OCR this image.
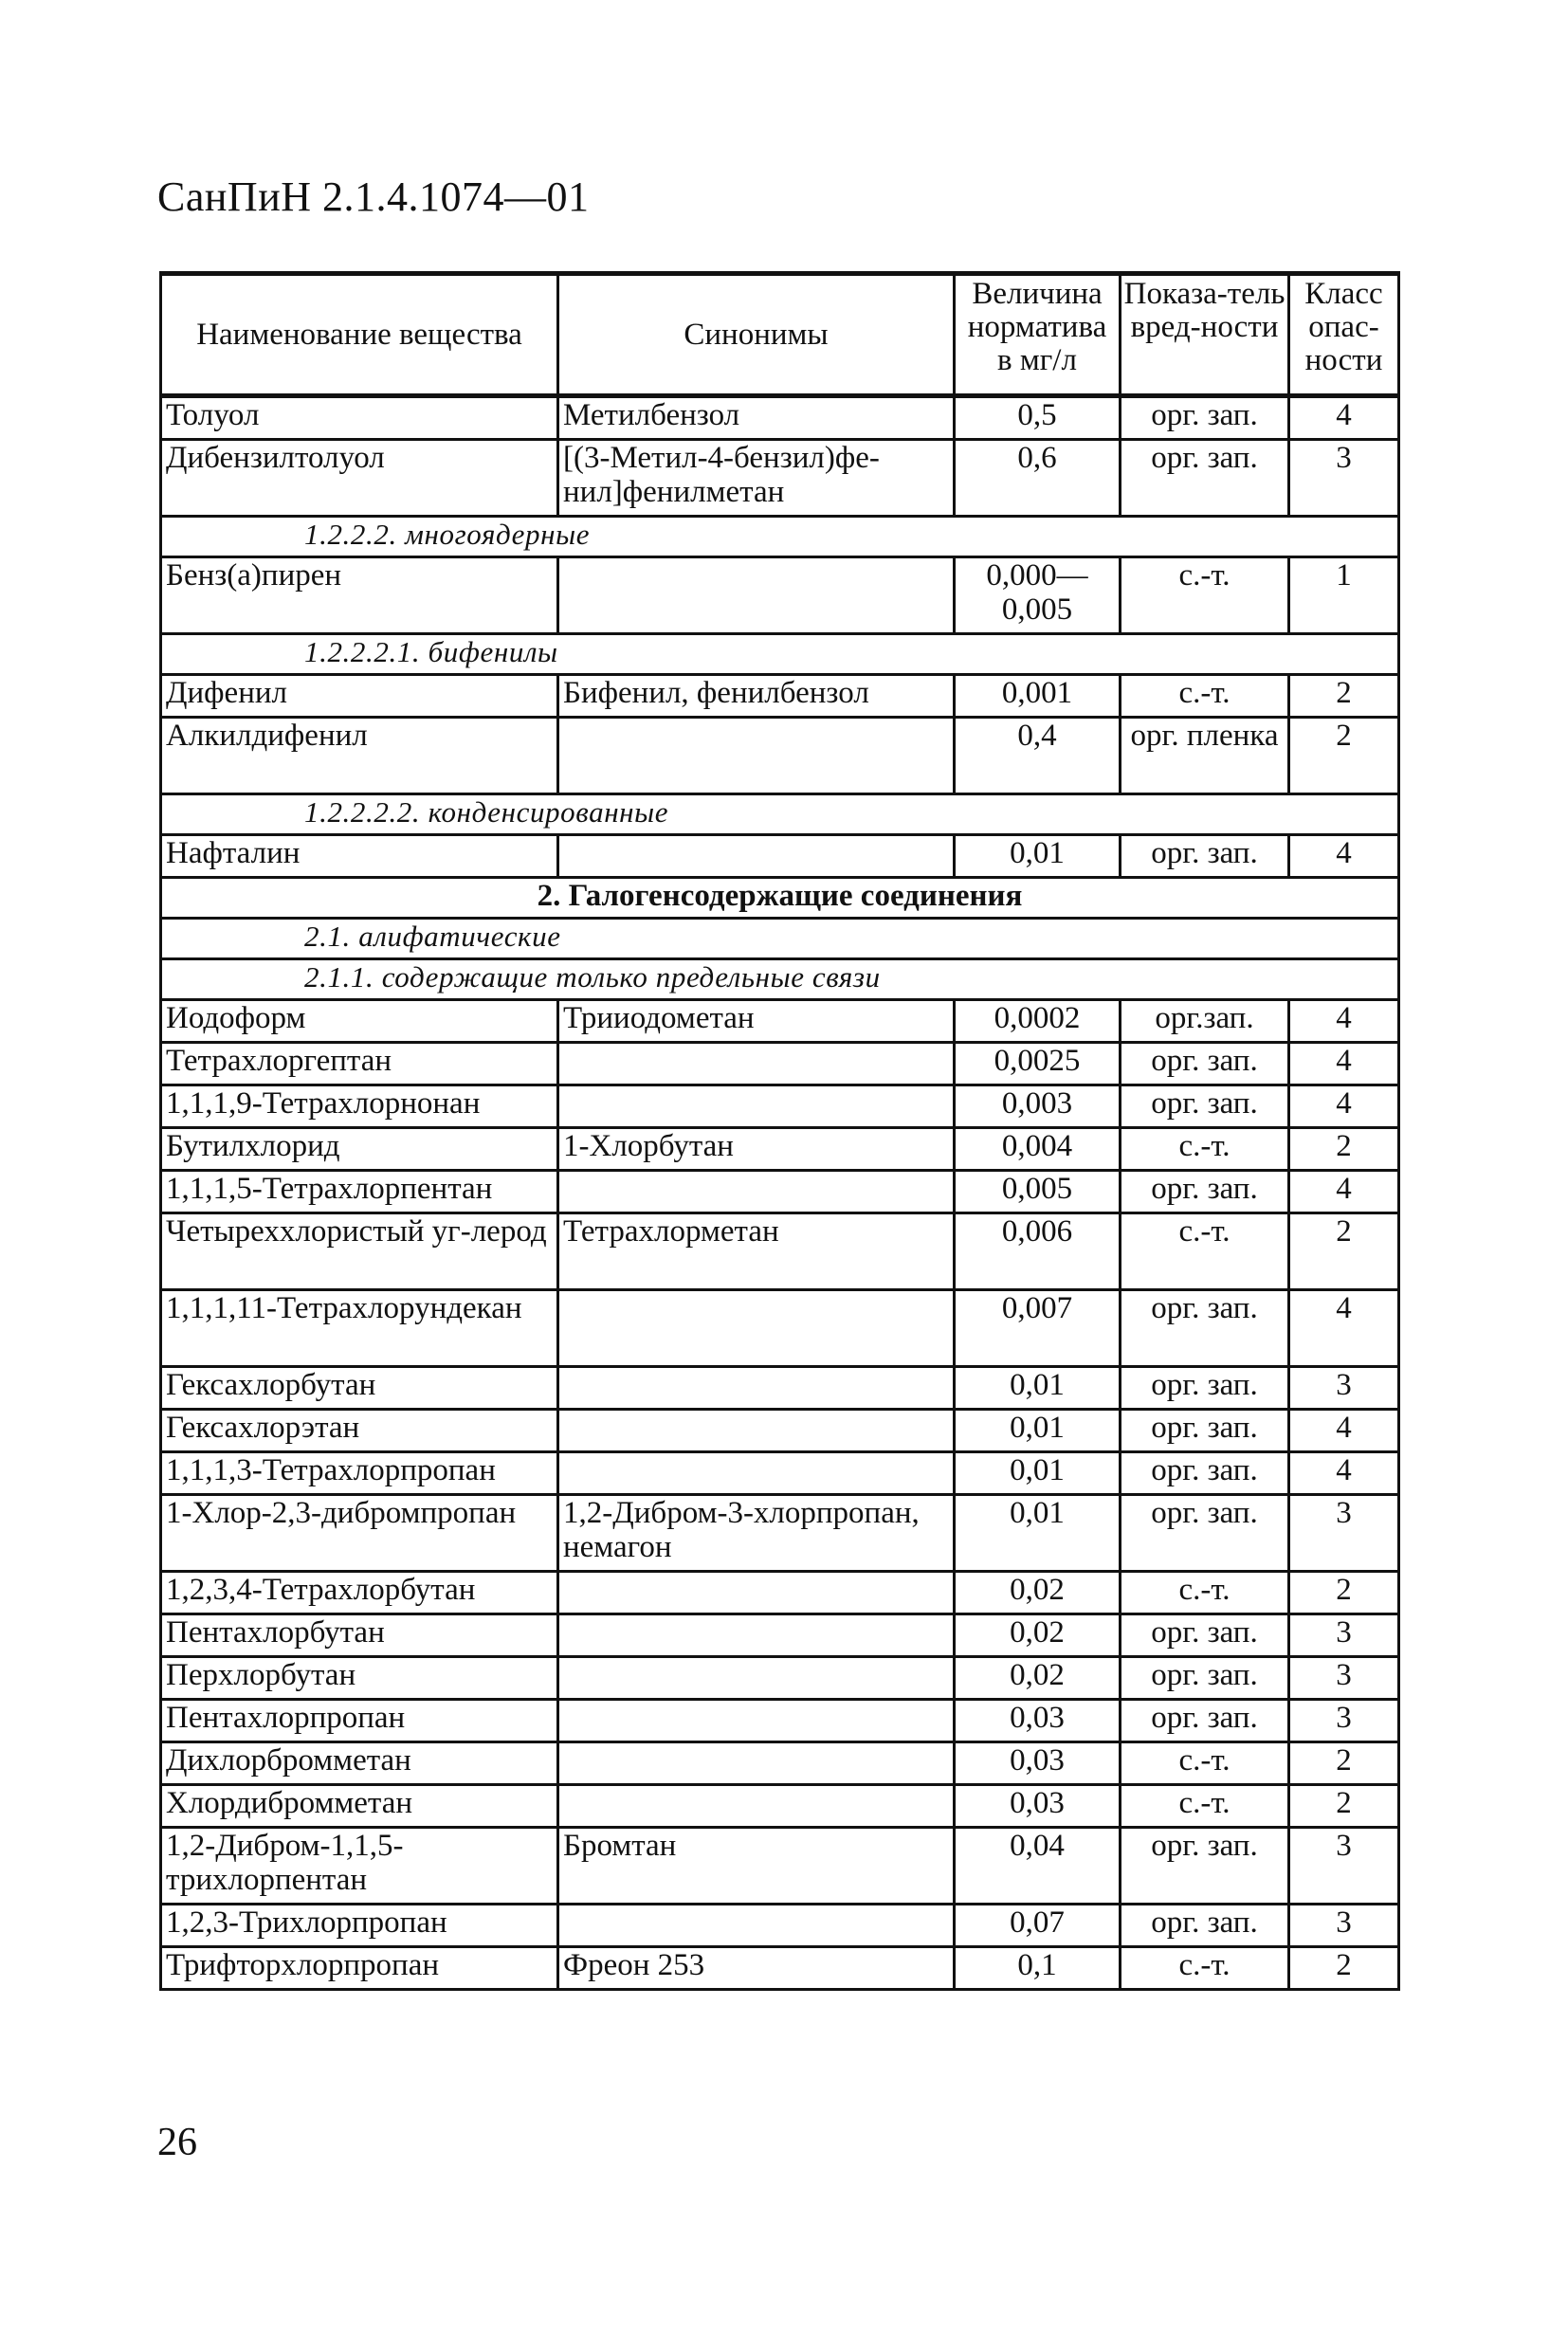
СанПиН 2.1.4.1074—01
Наименование вещества	Синонимы	Величина норматива в мг/л	Показа-тель вред-ности	Класс опас-ности
Толуол	Метилбензол	0,5	орг. зап.	4
Дибензилтолуол	[(3-Метил-4-бензил)фе-нил]фенилметан	0,6	орг. зап.	3
1.2.2.2. многоядерные				
Бенз(а)пирен		0,000—0,005	с.-т.	1
1.2.2.2.1. бифенилы				
Дифенил	Бифенил, фенилбензол	0,001	с.-т.	2
Алкилдифенил		0,4	орг. пленка	2
1.2.2.2.2. конденсированные				
Нафталин		0,01	орг. зап.	4
2. Галогенсодержащие соединения				
2.1. алифатические				
2.1.1. содержащие только предельные связи				
Иодоформ	Трииодометан	0,0002	орг.зап.	4
Тетрахлоргептан		0,0025	орг. зап.	4
1,1,1,9-Тетрахлорнонан		0,003	орг. зап.	4
Бутилхлорид	1-Хлорбутан	0,004	с.-т.	2
1,1,1,5-Тетрахлорпентан		0,005	орг. зап.	4
Четыреххлористый уг-лерод	Тетрахлорметан	0,006	с.-т.	2
1,1,1,11-Тетрахлорундекан		0,007	орг. зап.	4
Гексахлорбутан		0,01	орг. зап.	3
Гексахлорэтан		0,01	орг. зап.	4
1,1,1,3-Тетрахлорпропан		0,01	орг. зап.	4
1-Хлор-2,3-дибромпропан	1,2-Дибром-3-хлорпропан, немагон	0,01	орг. зап.	3
1,2,3,4-Тетрахлорбутан		0,02	с.-т.	2
Пентахлорбутан		0,02	орг. зап.	3
Перхлорбутан		0,02	орг. зап.	3
Пентахлорпропан		0,03	орг. зап.	3
Дихлорбромметан		0,03	с.-т.	2
Хлордибромметан		0,03	с.-т.	2
1,2-Дибром-1,1,5-трихлорпентан	Бромтан	0,04	орг. зап.	3
1,2,3-Трихлорпропан		0,07	орг. зап.	3
Трифторхлорпропан	Фреон 253	0,1	с.-т.	2
26
